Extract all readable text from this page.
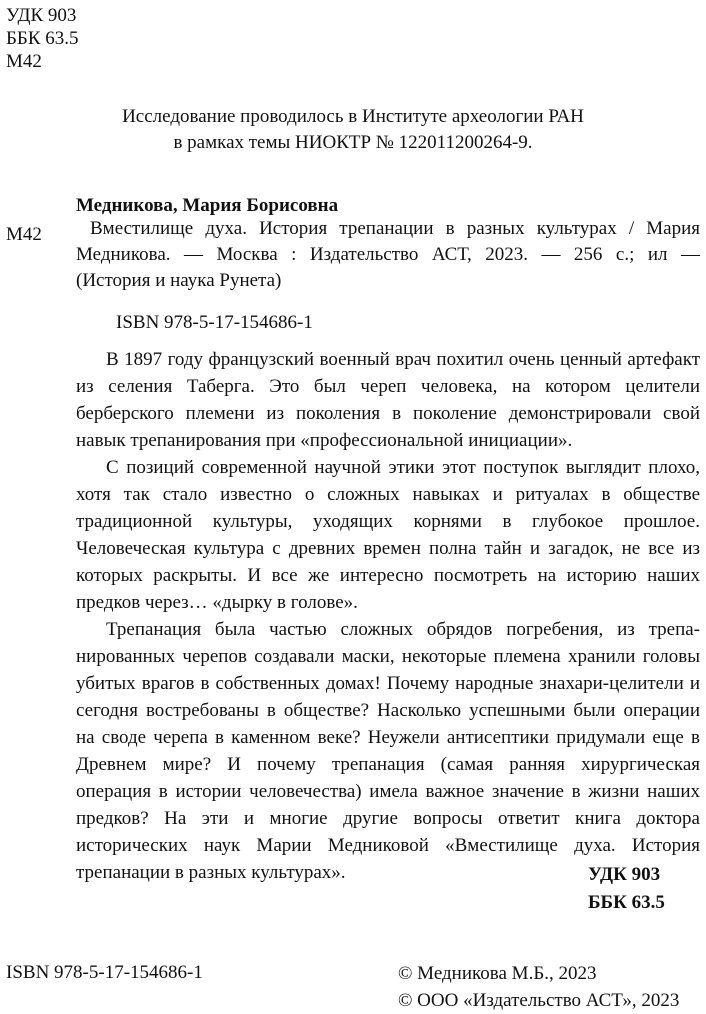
УДК 903
ББК 63.5
М42
Исследование проводилось в Институте археологии РАН
в рамках темы НИОКТР № 122011200264-9.
Медникова, Мария Борисовна
М42	Вместилище духа. История трепанации в разных культурах / Мария
Медникова. — Москва : Издательство АСТ, 2023. — 256 с.; ил —
(История и наука Рунета)
ISBN 978-5-17-154686-1

В 1897 году французский военный врач похитил очень ценный артефакт из селения Таберга. Это был череп человека, на котором целители берберского племени из поколения в поколение демонстрировали свой навык трепанирования при «профессиональной инициации».

С позиций современной научной этики этот поступок выглядит плохо, хотя так стало известно о сложных навыках и ритуалах в обществе традиционной культуры, уходящих корнями в глубокое прошлое. Человеческая культура с древних времен полна тайн и загадок, не все из которых раскрыты. И все же интересно посмотреть на историю наших предков через… «дырку в голове».

Трепанация была частью сложных обрядов погребения, из трепанированных черепов создавали маски, некоторые племена хранили головы убитых врагов в собственных домах! Почему народные знахари-целители и сегодня востребованы в обществе? Насколько успешными были операции на своде черепа в каменном веке? Неужели антисептики придумали еще в Древнем мире? И почему трепанация (самая ранняя хирургическая операция в истории человечества) имела важное значение в жизни наших предков? На эти и многие другие вопросы ответит книга доктора исторических наук Марии Медниковой «Вместилище духа. История трепанации в разных культурах».	УДК 903
ББК 63.5
ISBN 978-5-17-154686-1	© Медникова М.Б., 2023
© ООО «Издательство АСТ», 2023
